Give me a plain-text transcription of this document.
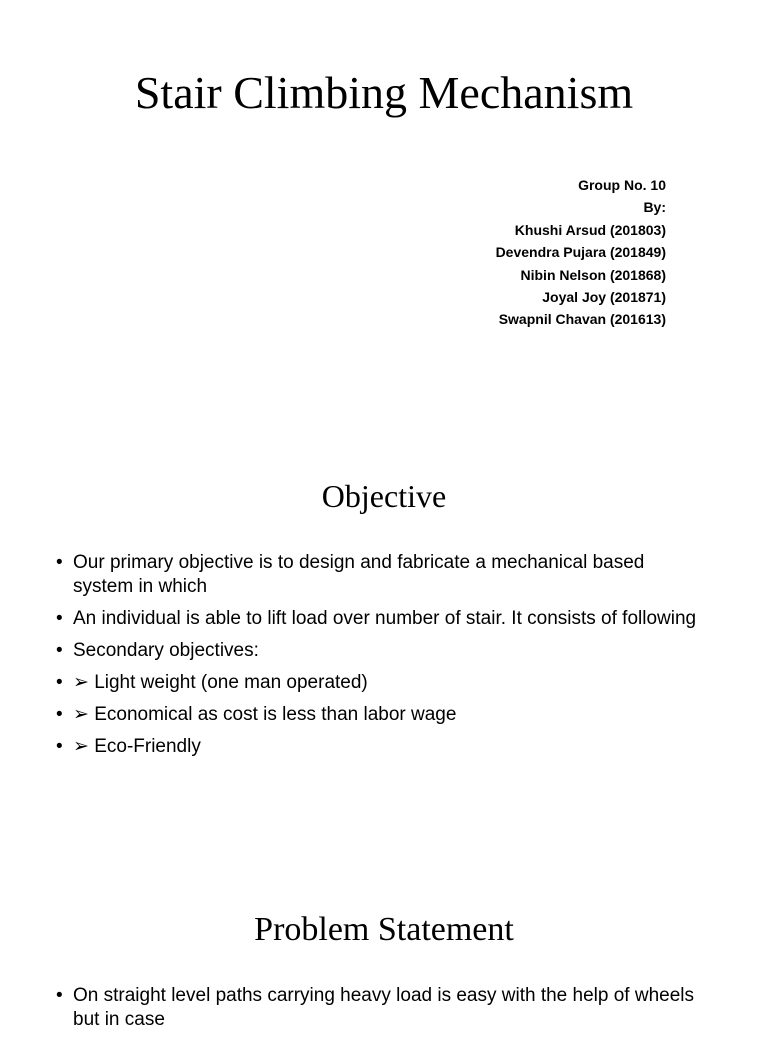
Stair Climbing Mechanism
Group No. 10
By:
Khushi Arsud (201803)
Devendra Pujara (201849)
Nibin Nelson (201868)
Joyal Joy (201871)
Swapnil Chavan (201613)
Objective
• Our primary objective is to design and fabricate a mechanical based system in which
• An individual is able to lift load over number of stair. It consists of following
• Secondary objectives:
• ➢ Light weight (one man operated)
• ➢ Economical as cost is less than labor wage
• ➢ Eco-Friendly
Problem Statement
• On straight level paths carrying heavy load is easy with the help of wheels but in case
